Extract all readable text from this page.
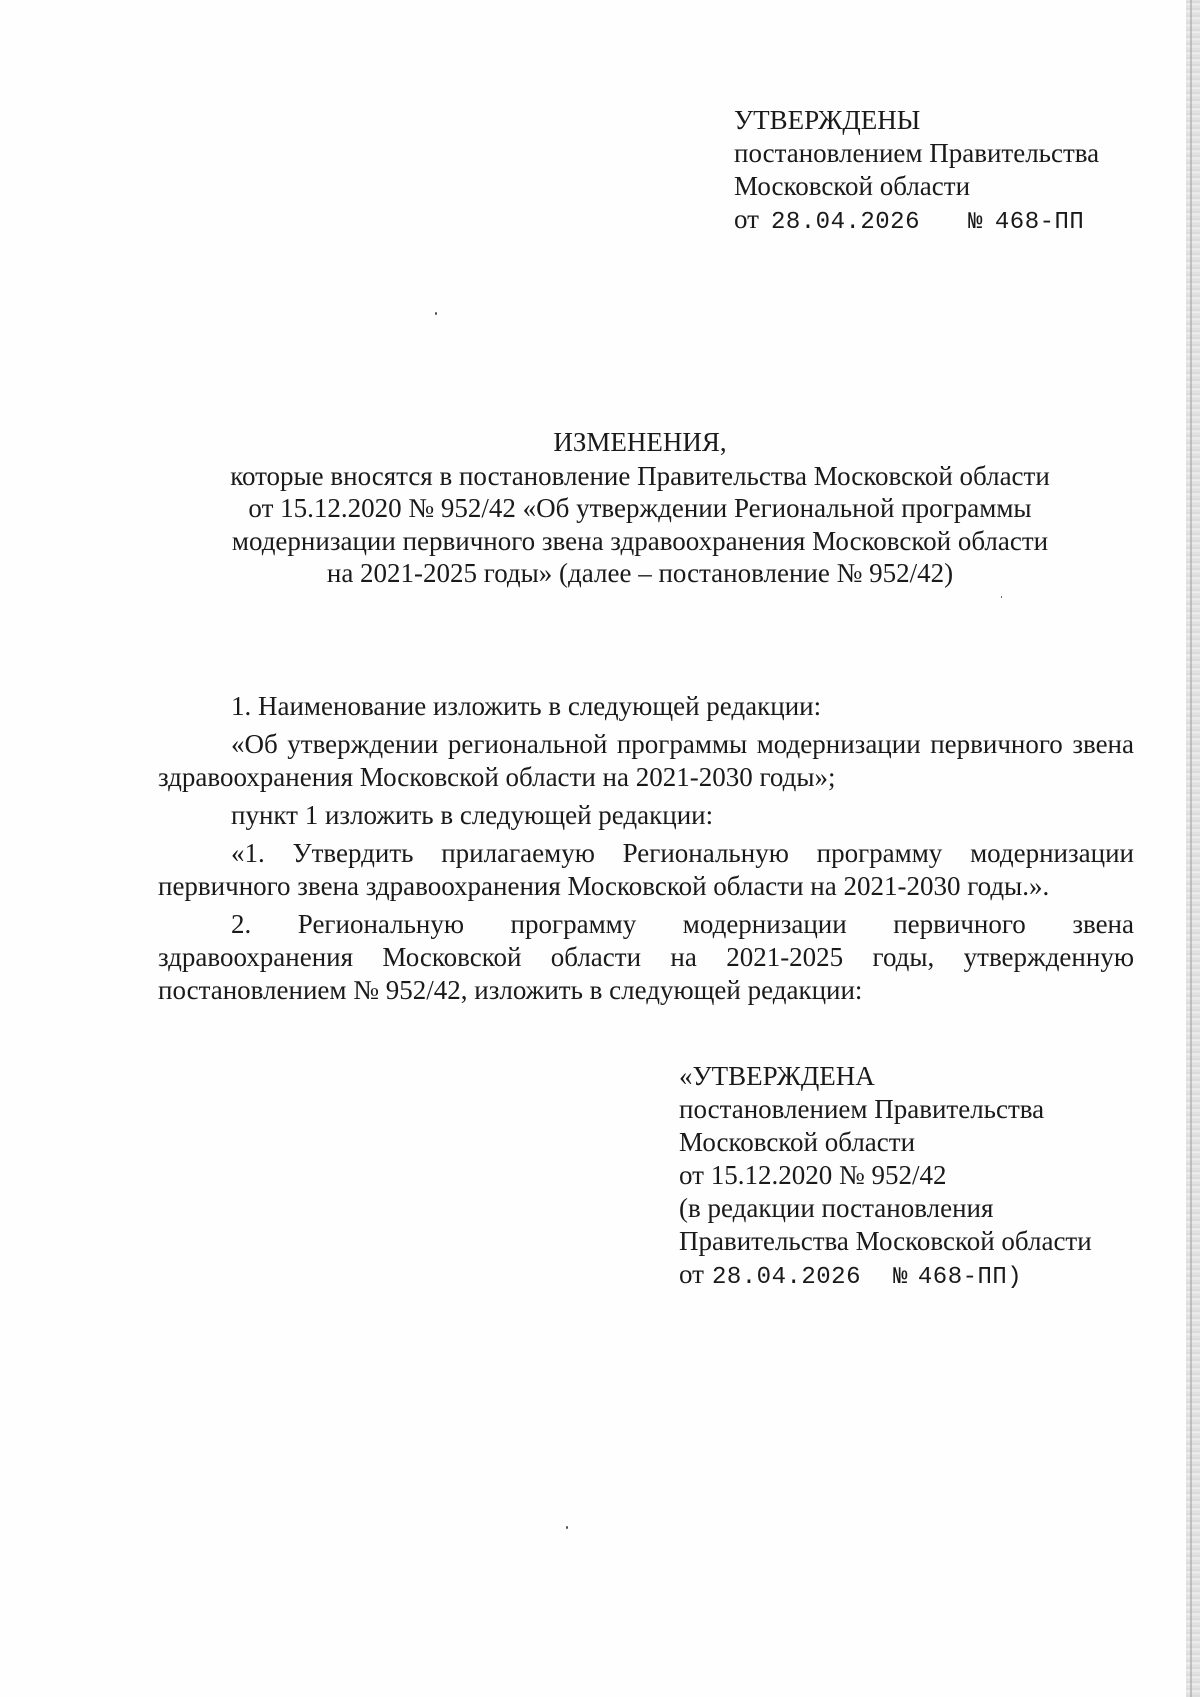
УТВЕРЖДЕНЫ
постановлением Правительства
Московской области
от 28.04.2026 № 468-ПП
ИЗМЕНЕНИЯ,
которые вносятся в постановление Правительства Московской области
от 15.12.2020 № 952/42 «Об утверждении Региональной программы
модернизации первичного звена здравоохранения Московской области
на 2021-2025 годы» (далее – постановление № 952/42)

1. Наименование изложить в следующей редакции:

«Об утверждении региональной программы модернизации первичного звена здравоохранения Московской области на 2021-2030 годы»;

пункт 1 изложить в следующей редакции:

«1. Утвердить прилагаемую Региональную программу модернизации первичного звена здравоохранения Московской области на 2021-2030 годы.».

2. Региональную программу модернизации первичного звена здравоохранения Московской области на 2021-2025 годы, утвержденную постановлением № 952/42, изложить в следующей редакции:

«УТВЕРЖДЕНА
постановлением Правительства
Московской области
от 15.12.2020 № 952/42
(в редакции постановления
Правительства Московской области
от 28.04.2026 № 468-ПП)
